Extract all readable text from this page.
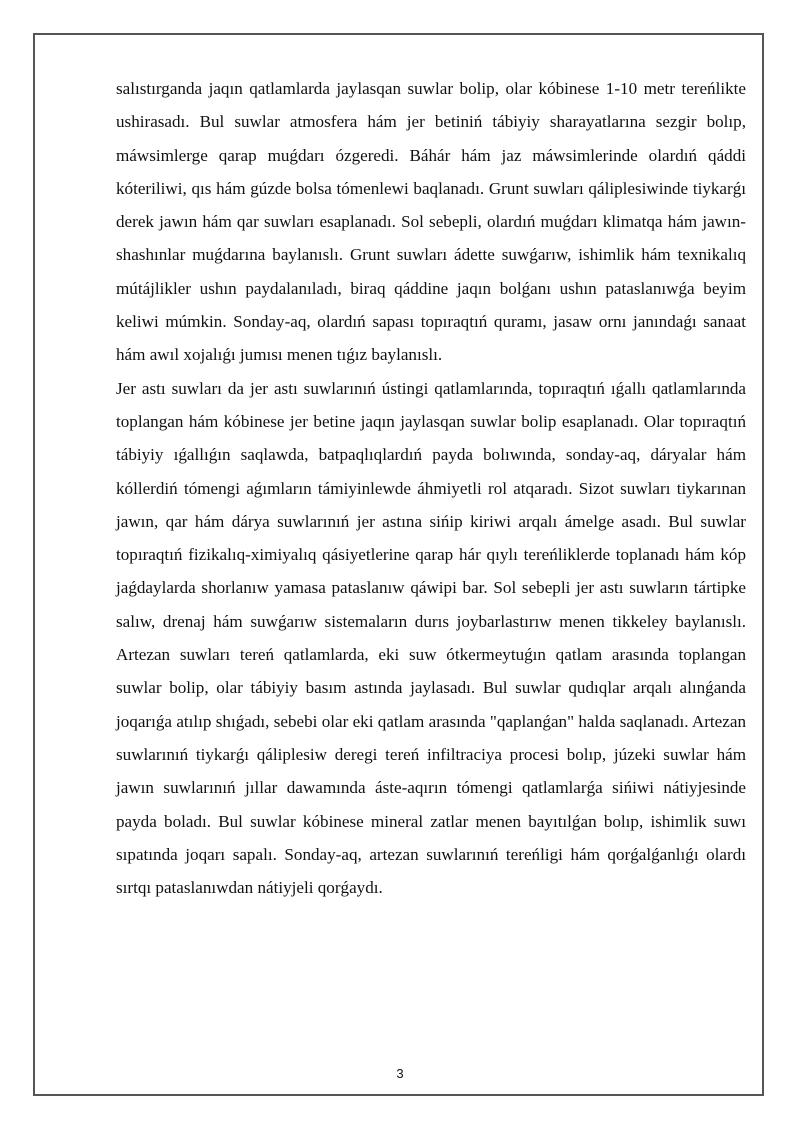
salıstırganda jaqın qatlamlarda jaylasqan suwlar bolip, olar kóbinese 1-10 metr tereńlikte ushirasadı. Bul suwlar atmosfera hám jer betiniń tábiyiy sharayatlarına sezgir bolıp, máwsimlerge qarap muǵdarı ózgeredi. Báhár hám jaz máwsimlerinde olardıń qáddi kóteriliwi, qıs hám gúzde bolsa tómenlewi baqlanadı. Grunt suwları qáliplesiwinde tiykarǵı derek jawın hám qar suwları esaplanadı. Sol sebepli, olardıń muǵdarı klimatqa hám jawın-shashınlar muǵdarına baylanıslı. Grunt suwları ádette suwǵarıw, ishimlik hám texnikalıq mútájlikler ushın paydalanıladı, biraq qáddine jaqın bolǵanı ushın pataslanıwǵa beyim keliwi múmkin. Sonday-aq, olardıń sapası topıraqtıń quramı, jasaw ornı janındaǵı sanaat hám awıl xojalıǵı jumısı menen tıǵız baylanıslı.

Jer astı suwları da jer astı suwlarınıń ústingi qatlamlarında, topıraqtıń ıǵallı qatlamlarında toplangan hám kóbinese jer betine jaqın jaylasqan suwlar bolip esaplanadı. Olar topıraqtıń tábiyiy ıǵallıǵın saqlawda, batpaqlıqlardıń payda bolıwında, sonday-aq, dáryalar hám kóllerdiń tómengi aǵımların támiyinlewde áhmiyetli rol atqaradı. Sizot suwları tiykarınan jawın, qar hám dárya suwlarınıń jer astına sińip kiriwi arqalı ámelge asadı. Bul suwlar topıraqtıń fizikalıq-ximiyalıq qásiyetlerine qarap hár qıylı tereńliklerde toplanadı hám kóp jaǵdaylarda shorlanıw yamasa pataslanıw qáwipi bar. Sol sebepli jer astı suwların tártipke salıw, drenaj hám suwǵarıw sistemaların durıs joybarlastırıw menen tikkeley baylanıslı. Artezan suwları tereń qatlamlarda, eki suw ótkermeytuǵın qatlam arasında toplangan suwlar bolip, olar tábiyiy basım astında jaylasadı. Bul suwlar qudıqlar arqalı alınǵanda joqarıǵa atılıp shıǵadı, sebebi olar eki qatlam arasında "qaplanǵan" halda saqlanadı. Artezan suwlarınıń tiykarǵı qáliplesiw deregi tereń infiltraciya procesi bolıp, júzeki suwlar hám jawın suwlarınıń jıllar dawamında áste-aqırın tómengi qatlamlarǵa sińiwi nátiyjesinde payda boladı. Bul suwlar kóbinese mineral zatlar menen bayıtılǵan bolıp, ishimlik suwı sıpatında joqarı sapalı. Sonday-aq, artezan suwlarınıń tereńligi hám qorǵalǵanlıǵı olardı sırtqı pataslanıwdan nátiyjeli qorǵaydı.

3
